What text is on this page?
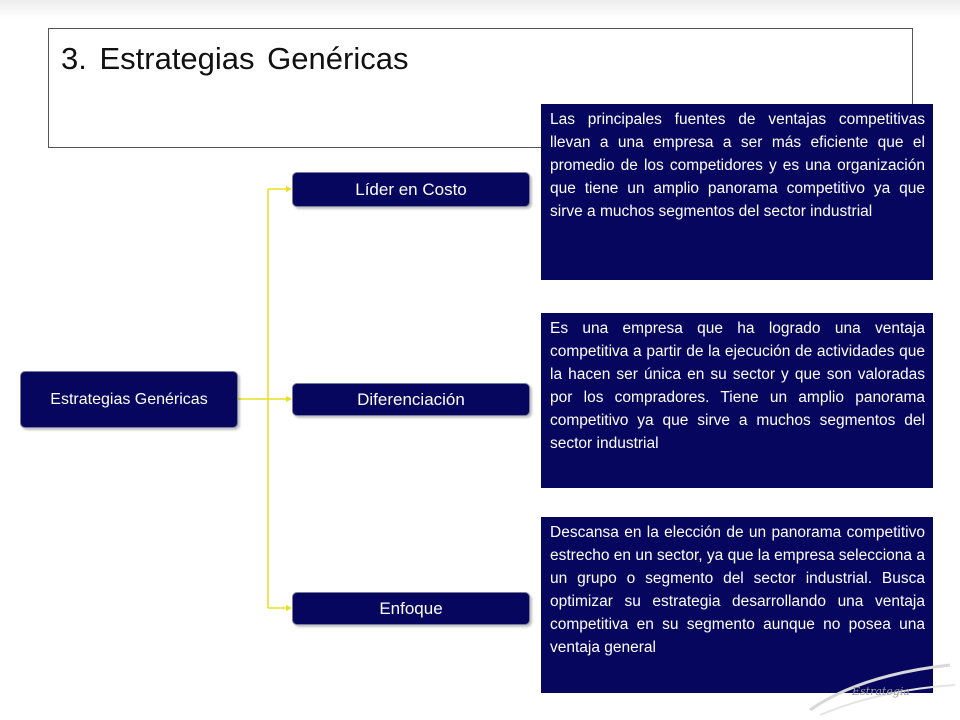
3. Estrategias Genéricas
Estrategias Genéricas
Líder en Costo
Diferenciación
Enfoque
Las principales fuentes de ventajas competitivas llevan a una empresa a ser más eficiente que el promedio de los competidores y es una organización que tiene un amplio panorama competitivo ya que sirve a muchos segmentos del sector industrial
Es una empresa que ha logrado una ventaja competitiva a partir de la ejecución de actividades que la hacen ser única en su sector y que son valoradas por los compradores. Tiene un amplio panorama competitivo ya que sirve a muchos segmentos del sector industrial
Descansa en la elección de un panorama competitivo estrecho en un sector, ya que la empresa selecciona a un grupo o segmento del sector industrial. Busca optimizar su estrategia desarrollando una ventaja competitiva en su segmento aunque no posea una ventaja general
Estrategia
